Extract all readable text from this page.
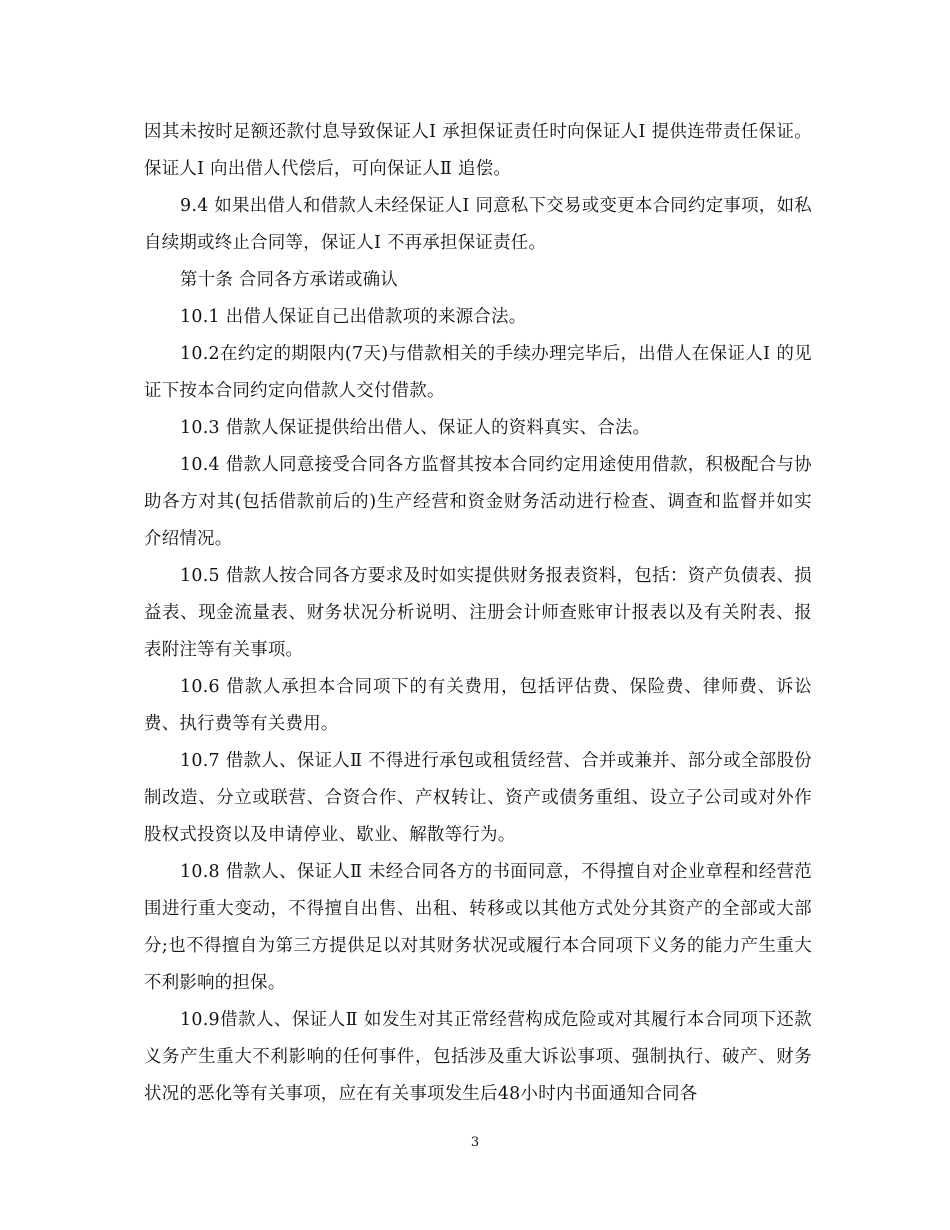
因其未按时足额还款付息导致保证人Ⅰ 承担保证责任时向保证人Ⅰ 提供连带责任保证。保证人Ⅰ 向出借人代偿后，可向保证人Ⅱ 追偿。

9.4 如果出借人和借款人未经保证人Ⅰ 同意私下交易或变更本合同约定事项，如私自续期或终止合同等，保证人Ⅰ 不再承担保证责任。

第十条 合同各方承诺或确认

10.1 出借人保证自己出借款项的来源合法。

10.2在约定的期限内(7天)与借款相关的手续办理完毕后，出借人在保证人Ⅰ 的见证下按本合同约定向借款人交付借款。

10.3 借款人保证提供给出借人、保证人的资料真实、合法。

10.4 借款人同意接受合同各方监督其按本合同约定用途使用借款，积极配合与协助各方对其(包括借款前后的)生产经营和资金财务活动进行检查、调查和监督并如实介绍情况。

10.5 借款人按合同各方要求及时如实提供财务报表资料，包括：资产负债表、损益表、现金流量表、财务状况分析说明、注册会计师查账审计报表以及有关附表、报表附注等有关事项。

10.6 借款人承担本合同项下的有关费用，包括评估费、保险费、律师费、诉讼费、执行费等有关费用。

10.7 借款人、保证人Ⅱ 不得进行承包或租赁经营、合并或兼并、部分或全部股份制改造、分立或联营、合资合作、产权转让、资产或债务重组、设立子公司或对外作股权式投资以及申请停业、歇业、解散等行为。

10.8 借款人、保证人Ⅱ 未经合同各方的书面同意，不得擅自对企业章程和经营范围进行重大变动，不得擅自出售、出租、转移或以其他方式处分其资产的全部或大部分;也不得擅自为第三方提供足以对其财务状况或履行本合同项下义务的能力产生重大不利影响的担保。

10.9借款人、保证人Ⅱ 如发生对其正常经营构成危险或对其履行本合同项下还款义务产生重大不利影响的任何事件，包括涉及重大诉讼事项、强制执行、破产、财务状况的恶化等有关事项，应在有关事项发生后48小时内书面通知合同各

3
